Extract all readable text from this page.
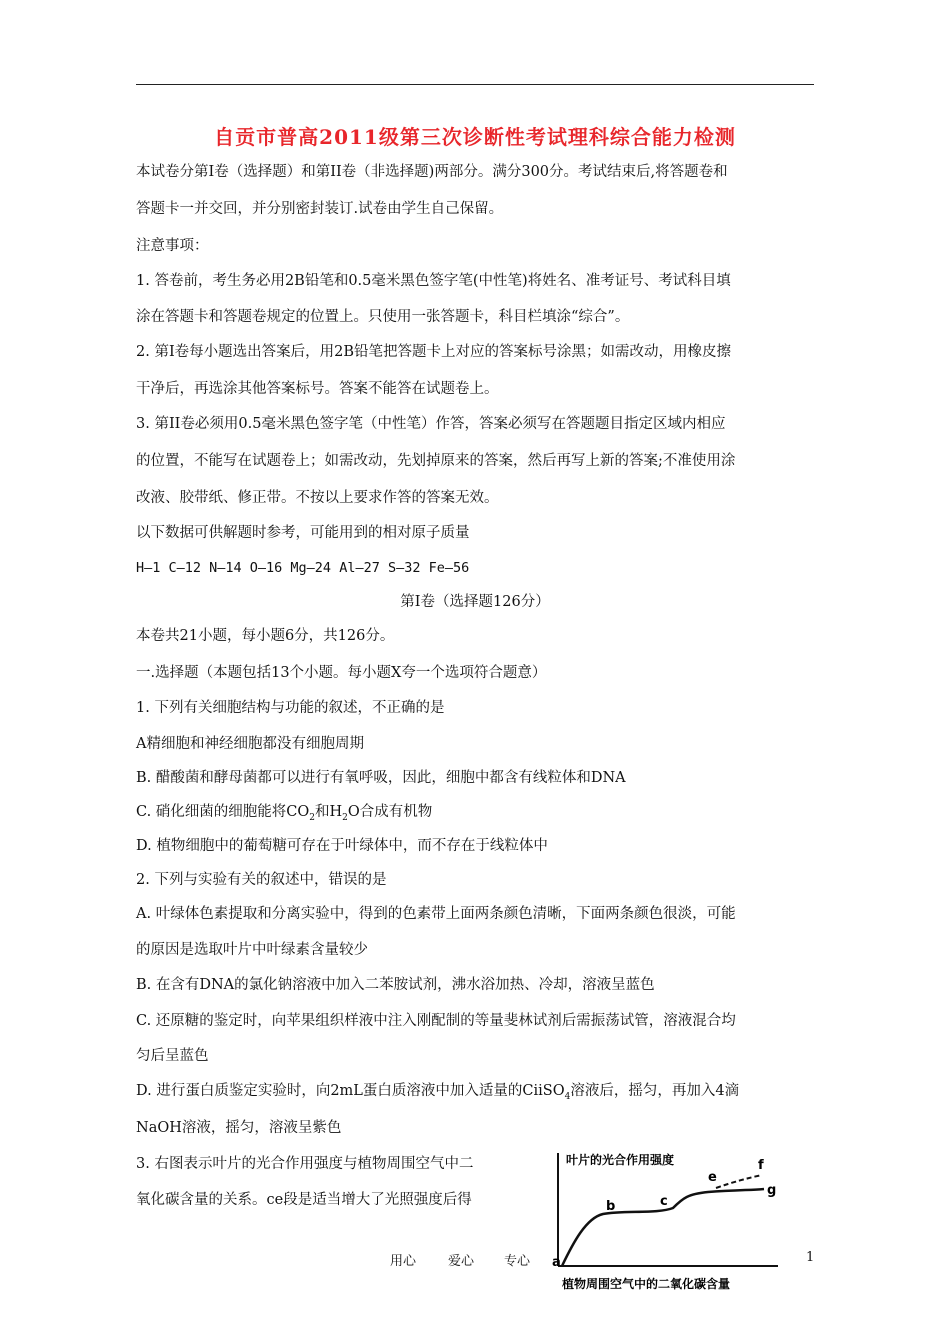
自贡市普高2011级第三次诊断性考试理科综合能力检测
本试卷分第I卷（选择题）和第II卷（非选择题)两部分。满分300分。考试结束后,将答题卷和
答题卡一并交回，并分别密封装订.试卷由学生自己保留。
注意事项：
1. 答卷前，考生务必用2B铅笔和0.5毫米黑色签字笔(中性笔)将姓名、准考证号、考试科目填
涂在答题卡和答题卷规定的位置上。只使用一张答题卡，科目栏填涂“综合”。
2. 第I卷每小题选出答案后，用2B铅笔把答题卡上对应的答案标号涂黑；如需改动，用橡皮擦
干净后，再选涂其他答案标号。答案不能答在试题卷上。
3. 第II卷必须用0.5毫米黑色签字笔（中性笔）作答，答案必须写在答题题目指定区域内相应
的位置，不能写在试题卷上；如需改动，先划掉原来的答案，然后再写上新的答案;不准使用涂
改液、胶带纸、修正带。不按以上要求作答的答案无效。
以下数据可供解题时参考，可能用到的相对原子质量
H—1 C—12 N—14 O—16 Mg—24 Al—27 S—32 Fe—56
第I卷（选择题126分）
本卷共21小题，每小题6分，共126分。
一.选择题（本题包括13个小题。每小题X夸一个选项符合题意）
1. 下列有关细胞结构与功能的叙述，不正确的是
A精细胞和神经细胞都没有细胞周期
B. 醋酸菌和酵母菌都可以进行有氧呼吸，因此，细胞中都含有线粒体和DNA
C. 硝化细菌的细胞能将$CO_2$和$H_2O$合成有机物
D. 植物细胞中的葡萄糖可存在于叶绿体中，而不存在于线粒体中
2. 下列与实验有关的叙述中，错误的是
A. 叶绿体色素提取和分离实验中，得到的色素带上面两条颜色清晰，下面两条颜色很淡，可能
的原因是选取叶片中叶绿素含量较少
B. 在含有DNA的氯化钠溶液中加入二苯胺试剂，沸水浴加热、冷却，溶液呈蓝色
C. 还原糖的鉴定时，向苹果组织样液中注入刚配制的等量斐林试剂后需振荡试管，溶液混合均
匀后呈蓝色
D. 进行蛋白质鉴定实验时，向2mL蛋白质溶液中加入适量的CiiSO$_4$溶液后，摇匀，再加入4滴
NaOH溶液，摇匀，溶液呈紫色
3. 右图表示叶片的光合作用强度与植物周围空气中二
氧化碳含量的关系。ce段是适当增大了光照强度后得
叶片的光合作用强度
植物周围空气中的二氧化碳含量
a
b	c
e
f
g
用心 爱心 专心	1
